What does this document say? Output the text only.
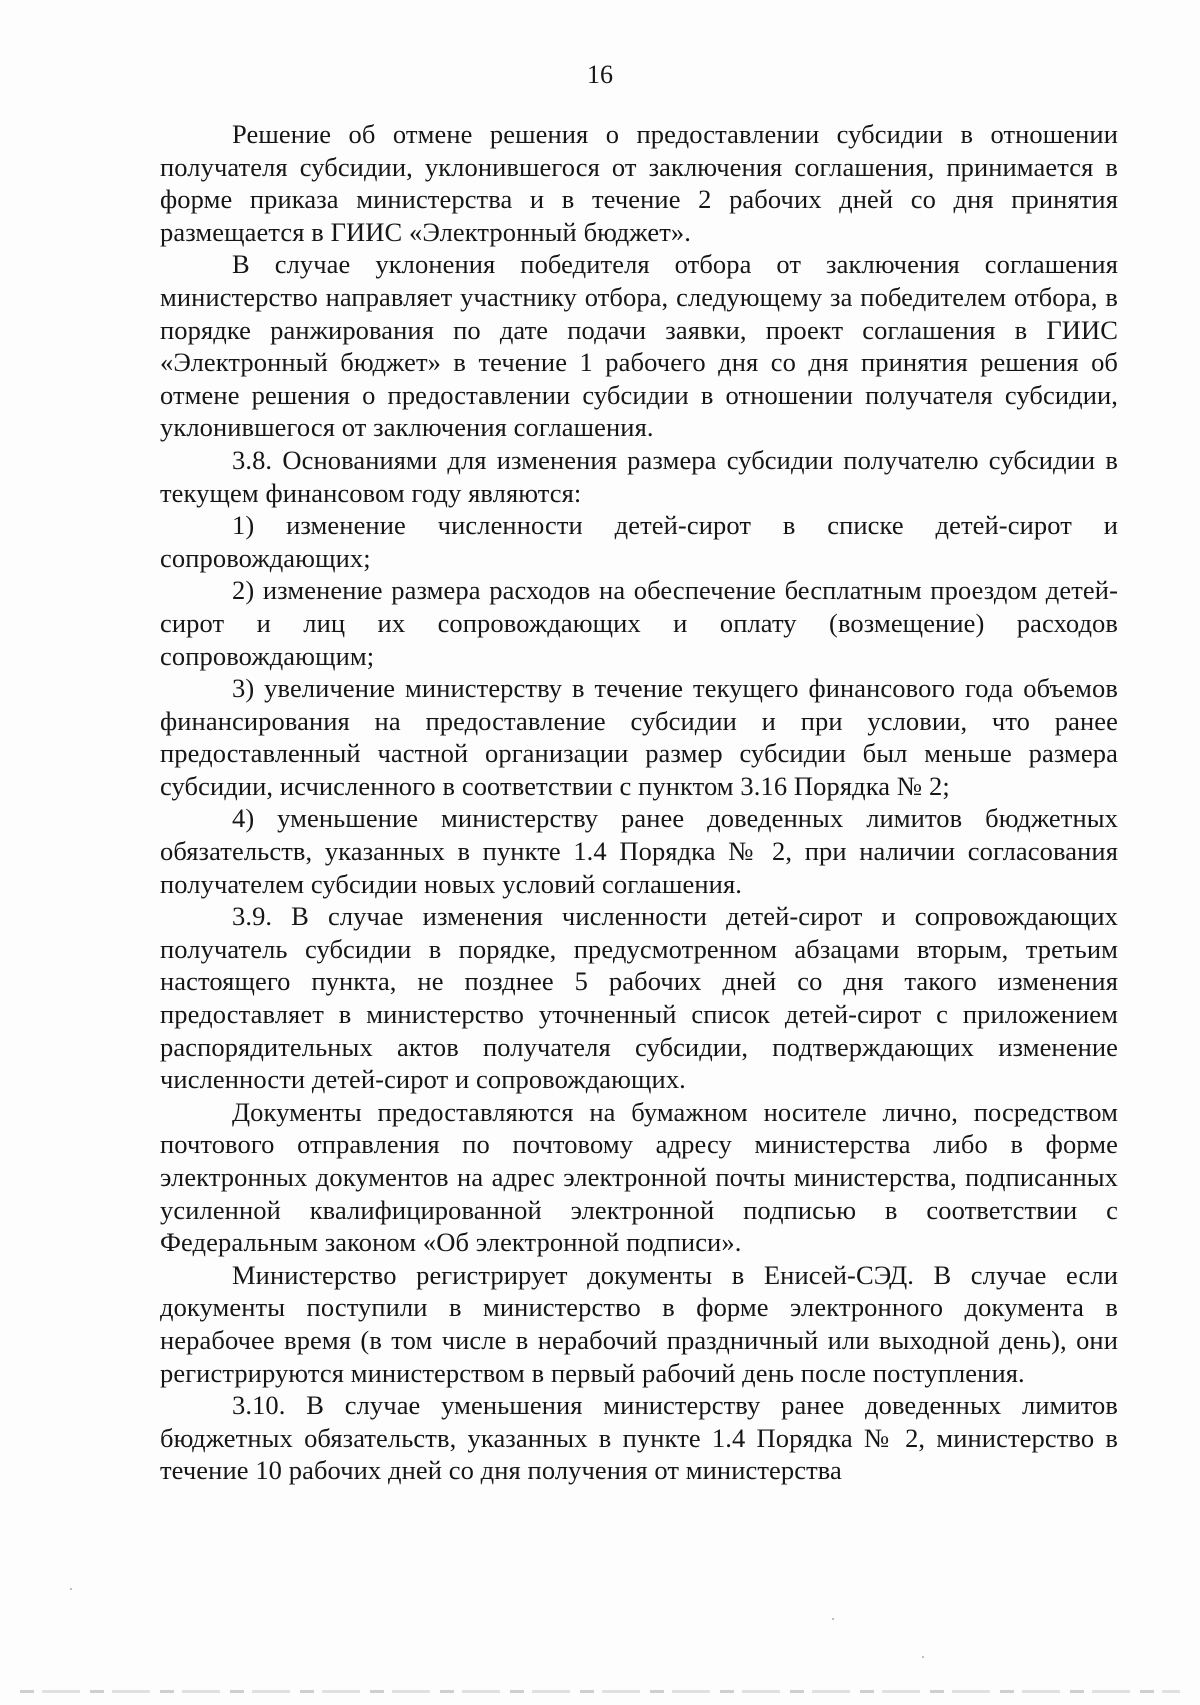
16

Решение об отмене решения о предоставлении субсидии в отношении получателя субсидии, уклонившегося от заключения соглашения, принимается в форме приказа министерства и в течение 2 рабочих дней со дня принятия размещается в ГИИС «Электронный бюджет».

В случае уклонения победителя отбора от заключения соглашения министерство направляет участнику отбора, следующему за победителем отбора, в порядке ранжирования по дате подачи заявки, проект соглашения в ГИИС «Электронный бюджет» в течение 1 рабочего дня со дня принятия решения об отмене решения о предоставлении субсидии в отношении получателя субсидии, уклонившегося от заключения соглашения.

3.8. Основаниями для изменения размера субсидии получателю субсидии в текущем финансовом году являются:

1) изменение численности детей-сирот в списке детей-сирот и сопровождающих;

2) изменение размера расходов на обеспечение бесплатным проездом детей-сирот и лиц их сопровождающих и оплату (возмещение) расходов сопровождающим;

3) увеличение министерству в течение текущего финансового года объемов финансирования на предоставление субсидии и при условии, что ранее предоставленный частной организации размер субсидии был меньше размера субсидии, исчисленного в соответствии с пунктом 3.16 Порядка № 2;

4) уменьшение министерству ранее доведенных лимитов бюджетных обязательств, указанных в пункте 1.4 Порядка № 2, при наличии согласования получателем субсидии новых условий соглашения.

3.9. В случае изменения численности детей-сирот и сопровождающих получатель субсидии в порядке, предусмотренном абзацами вторым, третьим настоящего пункта, не позднее 5 рабочих дней со дня такого изменения предоставляет в министерство уточненный список детей-сирот с приложением распорядительных актов получателя субсидии, подтверждающих изменение численности детей-сирот и сопровождающих.

Документы предоставляются на бумажном носителе лично, посредством почтового отправления по почтовому адресу министерства либо в форме электронных документов на адрес электронной почты министерства, подписанных усиленной квалифицированной электронной подписью в соответствии с Федеральным законом «Об электронной подписи».

Министерство регистрирует документы в Енисей-СЭД. В случае если документы поступили в министерство в форме электронного документа в нерабочее время (в том числе в нерабочий праздничный или выходной день), они регистрируются министерством в первый рабочий день после поступления.

3.10. В случае уменьшения министерству ранее доведенных лимитов бюджетных обязательств, указанных в пункте 1.4 Порядка № 2, министерство в течение 10 рабочих дней со дня получения от министерства
